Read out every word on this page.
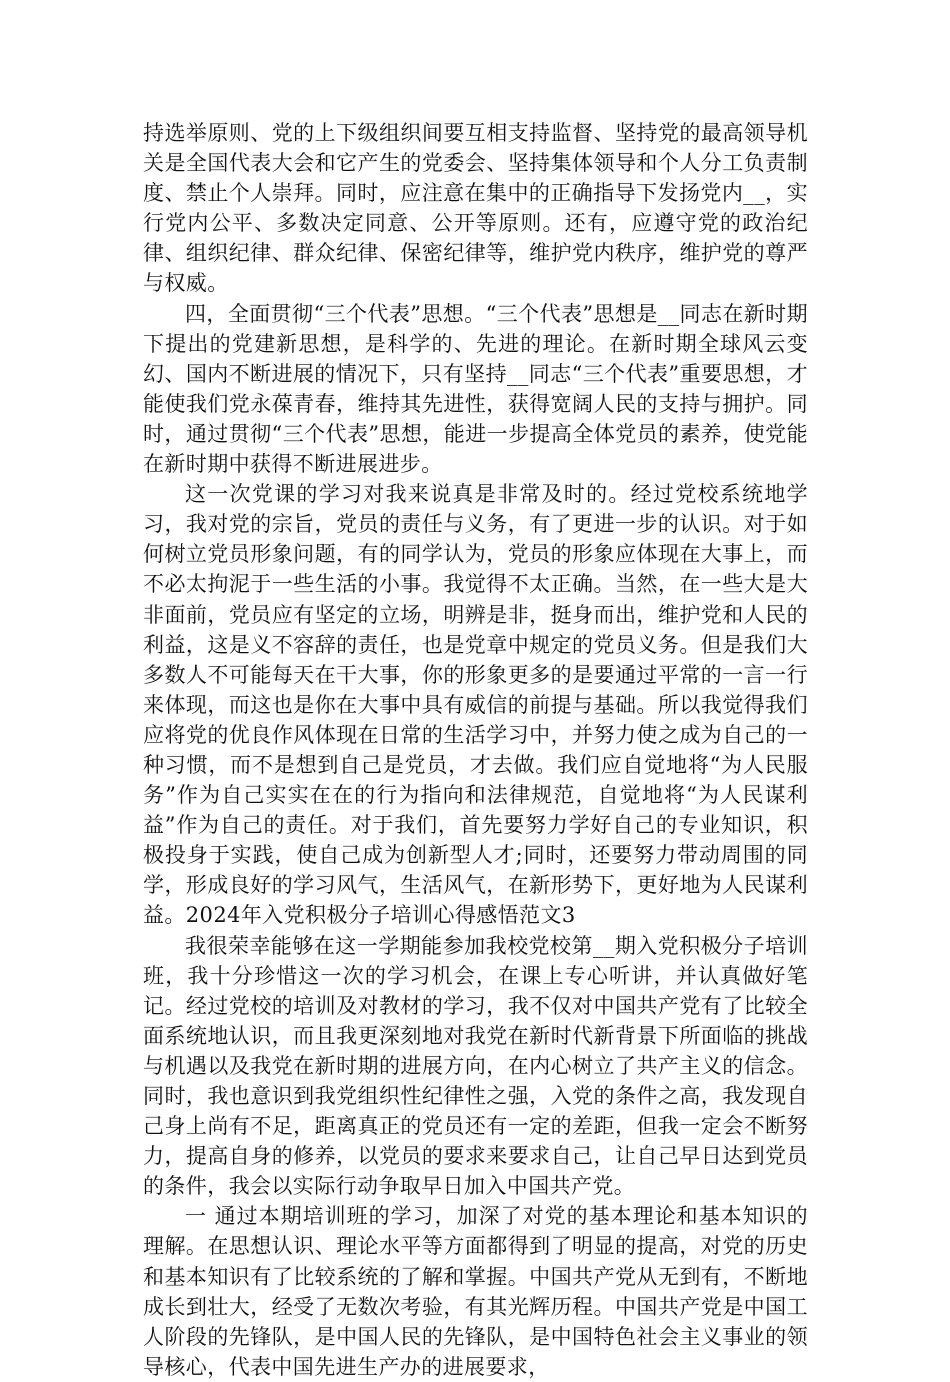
持选举原则、党的上下级组织间要互相支持监督、坚持党的最高领导机关是全国代表大会和它产生的党委会、坚持集体领导和个人分工负责制度、禁止个人崇拜。同时，应注意在集中的正确指导下发扬党内__，实行党内公平、多数决定同意、公开等原则。还有，应遵守党的政治纪律、组织纪律、群众纪律、保密纪律等，维护党内秩序，维护党的尊严与权威。

四，全面贯彻“三个代表”思想。“三个代表”思想是__同志在新时期下提出的党建新思想，是科学的、先进的理论。在新时期全球风云变幻、国内不断进展的情况下，只有坚持__同志“三个代表”重要思想，才能使我们党永葆青春，维持其先进性，获得宽阔人民的支持与拥护。同时，通过贯彻“三个代表”思想，能进一步提高全体党员的素养，使党能在新时期中获得不断进展进步。

这一次党课的学习对我来说真是非常及时的。经过党校系统地学习，我对党的宗旨，党员的责任与义务，有了更进一步的认识。对于如何树立党员形象问题，有的同学认为，党员的形象应体现在大事上，而不必太拘泥于一些生活的小事。我觉得不太正确。当然，在一些大是大非面前，党员应有坚定的立场，明辨是非，挺身而出，维护党和人民的利益，这是义不容辞的责任，也是党章中规定的党员义务。但是我们大多数人不可能每天在干大事，你的形象更多的是要通过平常的一言一行来体现，而这也是你在大事中具有威信的前提与基础。所以我觉得我们应将党的优良作风体现在日常的生活学习中，并努力使之成为自己的一种习惯，而不是想到自己是党员，才去做。我们应自觉地将“为人民服务”作为自己实实在在的行为指向和法律规范，自觉地将“为人民谋利益”作为自己的责任。对于我们，首先要努力学好自己的专业知识，积极投身于实践，使自己成为创新型人才;同时，还要努力带动周围的同学，形成良好的学习风气，生活风气，在新形势下，更好地为人民谋利益。2024年入党积极分子培训心得感悟范文3

我很荣幸能够在这一学期能参加我校党校第__期入党积极分子培训班，我十分珍惜这一次的学习机会，在课上专心听讲，并认真做好笔记。经过党校的培训及对教材的学习，我不仅对中国共产党有了比较全面系统地认识，而且我更深刻地对我党在新时代新背景下所面临的挑战与机遇以及我党在新时期的进展方向，在内心树立了共产主义的信念。同时，我也意识到我党组织性纪律性之强，入党的条件之高，我发现自己身上尚有不足，距离真正的党员还有一定的差距，但我一定会不断努力，提高自身的修养，以党员的要求来要求自己，让自己早日达到党员的条件，我会以实际行动争取早日加入中国共产党。

一 通过本期培训班的学习，加深了对党的基本理论和基本知识的理解。在思想认识、理论水平等方面都得到了明显的提高，对党的历史和基本知识有了比较系统的了解和掌握。中国共产党从无到有，不断地成长到壮大，经受了无数次考验，有其光辉历程。中国共产党是中国工人阶段的先锋队，是中国人民的先锋队，是中国特色社会主义事业的领导核心，代表中国先进生产办的进展要求，
